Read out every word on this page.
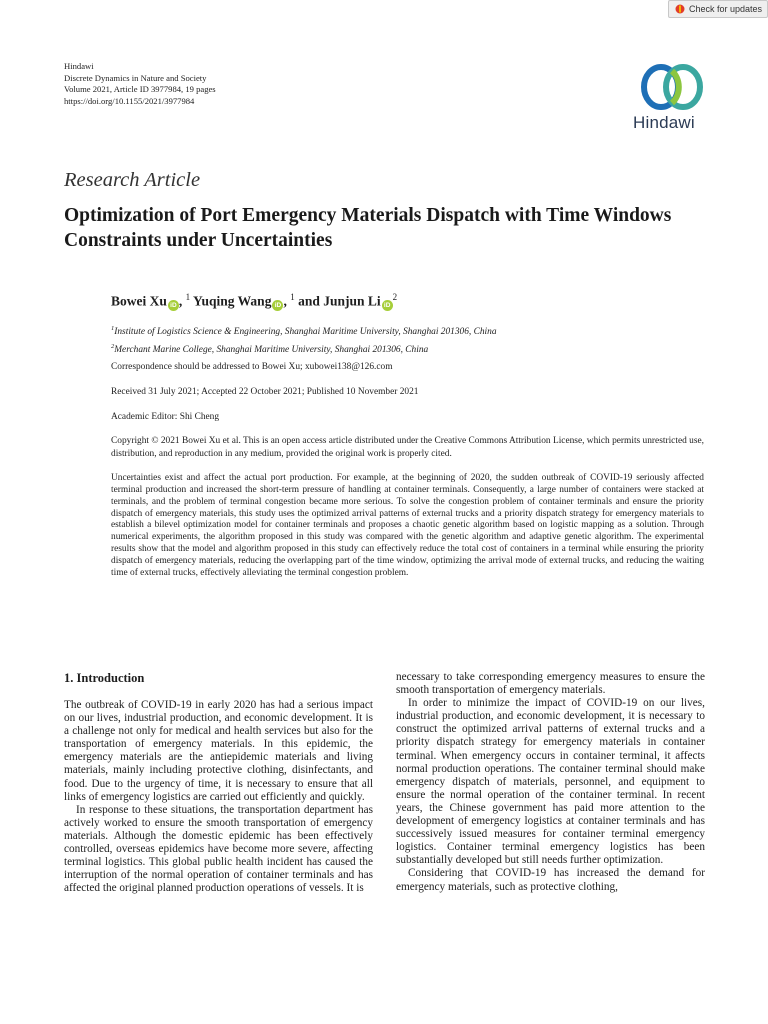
Check for updates
Hindawi
Discrete Dynamics in Nature and Society
Volume 2021, Article ID 3977984, 19 pages
https://doi.org/10.1155/2021/3977984
Hindawi
Research Article
Optimization of Port Emergency Materials Dispatch with Time Windows Constraints under Uncertainties
Bowei Xu iD , $^1$ Yuqing Wang iD , $^1$ and Junjun Li $iD^2$
$^1$Institute of Logistics Science & Engineering, Shanghai Maritime University, Shanghai 201306, China
$^2$Merchant Marine College, Shanghai Maritime University, Shanghai 201306, China
Correspondence should be addressed to Bowei Xu; xubowei138@126.com
Received 31 July 2021; Accepted 22 October 2021; Published 10 November 2021
Academic Editor: Shi Cheng
Copyright © 2021 Bowei Xu et al. This is an open access article distributed under the Creative Commons Attribution License, which permits unrestricted use, distribution, and reproduction in any medium, provided the original work is properly cited.
Uncertainties exist and affect the actual port production. For example, at the beginning of 2020, the sudden outbreak of COVID-19 seriously affected terminal production and increased the short-term pressure of handling at container terminals. Consequently, a large number of containers were stacked at terminals, and the problem of terminal congestion became more serious. To solve the congestion problem of container terminals and ensure the priority dispatch of emergency materials, this study uses the optimized arrival patterns of external trucks and a priority dispatch strategy for emergency materials to establish a bilevel optimization model for container terminals and proposes a chaotic genetic algorithm based on logistic mapping as a solution. Through numerical experiments, the algorithm proposed in this study was compared with the genetic algorithm and adaptive genetic algorithm. The experimental results show that the model and algorithm proposed in this study can effectively reduce the total cost of containers in a terminal while ensuring the priority dispatch of emergency materials, reducing the overlapping part of the time window, optimizing the arrival mode of external trucks, and reducing the waiting time of external trucks, effectively alleviating the terminal congestion problem.
1. Introduction

The outbreak of COVID-19 in early 2020 has had a serious impact on our lives, industrial production, and economic development. It is a challenge not only for medical and health services but also for the transportation of emergency materials. In this epidemic, the emergency materials are the antiepidemic materials and living materials, mainly including protective clothing, disinfectants, and food. Due to the urgency of time, it is necessary to ensure that all links of emergency logistics are carried out efficiently and quickly.

In response to these situations, the transportation department has actively worked to ensure the smooth transportation of emergency materials. Although the domestic epidemic has been effectively controlled, overseas epidemics have become more severe, affecting terminal logistics. This global public health incident has caused the interruption of the normal operation of container terminals and has affected the original planned production operations of vessels. It is

necessary to take corresponding emergency measures to ensure the smooth transportation of emergency materials.

In order to minimize the impact of COVID-19 on our lives, industrial production, and economic development, it is necessary to construct the optimized arrival patterns of external trucks and a priority dispatch strategy for emergency materials in container terminal. When emergency occurs in container terminal, it affects normal production operations. The container terminal should make emergency dispatch of materials, personnel, and equipment to ensure the normal operation of the container terminal. In recent years, the Chinese government has paid more attention to the development of emergency logistics at container terminals and has successively issued measures for container terminal emergency logistics. Container terminal emergency logistics has been substantially developed but still needs further optimization.

Considering that COVID-19 has increased the demand for emergency materials, such as protective clothing,
